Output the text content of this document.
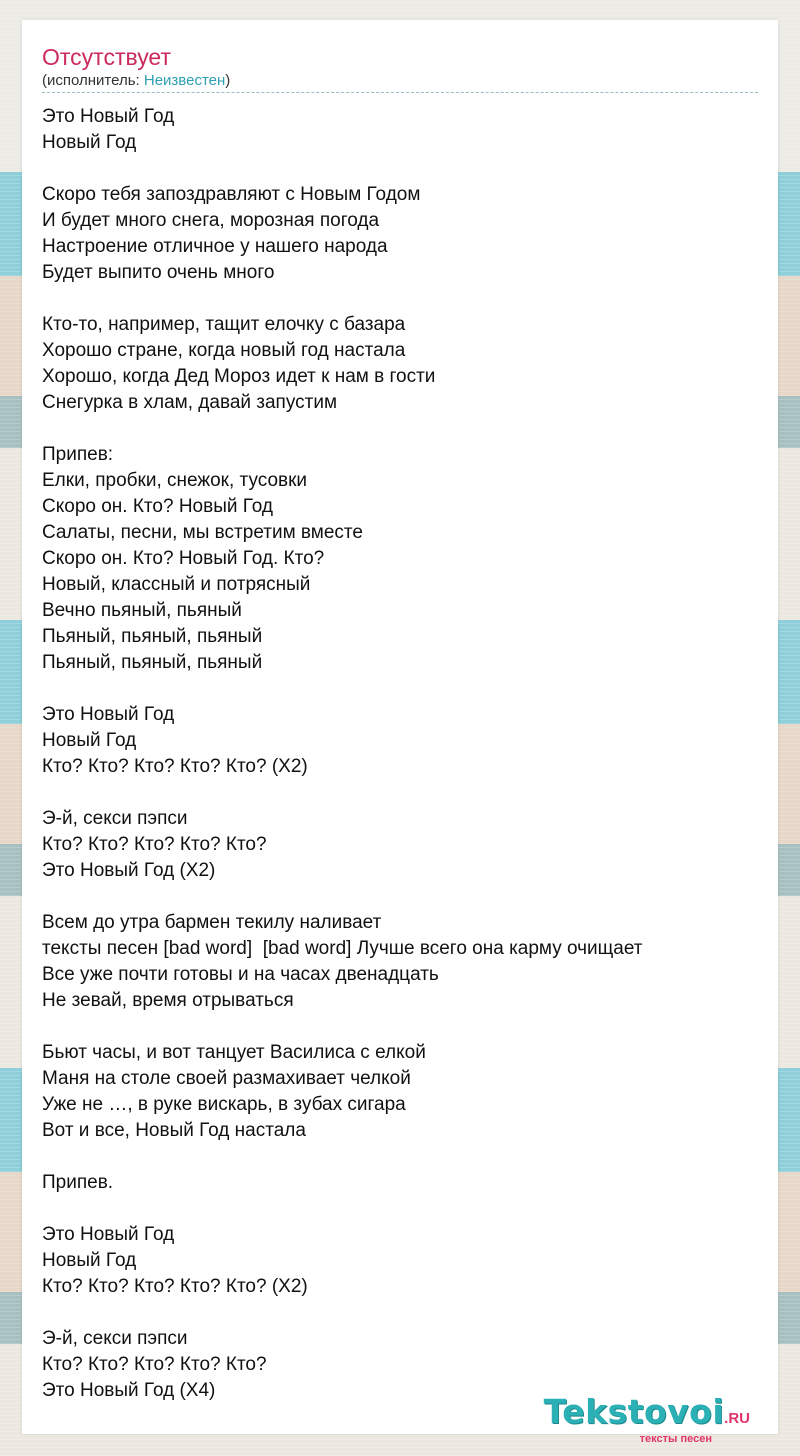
Отсутствует
(исполнитель: Неизвестен)
Это Новый Год
Новый Год
Скоро тебя запоздравляют с Новым Годом
И будет много снега, морозная погода
Настроение отличное у нашего народа
Будет выпито очень много
Кто-то, например, тащит елочку с базара
Хорошо стране, когда новый год настала
Хорошо, когда Дед Мороз идет к нам в гости
Снегурка в хлам, давай запустим
Припев:
Елки, пробки, снежок, тусовки
Скоро он. Кто? Новый Год
Салаты, песни, мы встретим вместе
Скоро он. Кто? Новый Год. Кто?
Новый, классный и потрясный
Вечно пьяный, пьяный
Пьяный, пьяный, пьяный
Пьяный, пьяный, пьяный
Это Новый Год
Новый Год
Кто? Кто? Кто? Кто? Кто? (X2)
Э-й, секси пэпси
Кто? Кто? Кто? Кто? Кто?
Это Новый Год (X2)
Всем до утра бармен текилу наливает
тексты песен [bad word]  [bad word] Лучше всего она карму очищает
Все уже почти готовы и на часах двенадцать
Не зевай, время отрываться
Бьют часы, и вот танцует Василиса с елкой
Маня на столе своей размахивает челкой
Уже не …, в руке вискарь, в зубах сигара
Вот и все, Новый Год настала
Припев.
Это Новый Год
Новый Год
Кто? Кто? Кто? Кто? Кто? (X2)
Э-й, секси пэпси
Кто? Кто? Кто? Кто? Кто?
Это Новый Год (X4)
Tekstovoi.RU
тексты песен
